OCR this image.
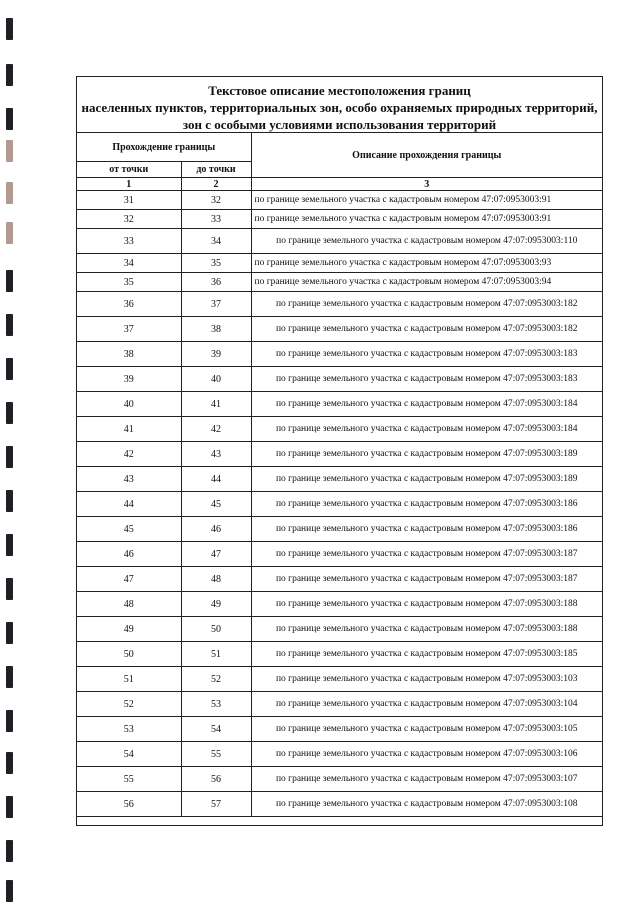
Текстовое описание местоположения границ
населенных пунктов, территориальных зон, особо охраняемых природных территорий, зон с особыми условиями использования территорий
Прохождение границы		Описание прохождения границы
от точки	до точки	
1	2	3
31	32	по границе земельного участка с кадастровым номером 47:07:0953003:91
32	33	по границе земельного участка с кадастровым номером 47:07:0953003:91
33	34	по границе земельного участка с кадастровым номером 47:07:0953003:110
34	35	по границе земельного участка с кадастровым номером 47:07:0953003:93
35	36	по границе земельного участка с кадастровым номером 47:07:0953003:94
36	37	по границе земельного участка с кадастровым номером 47:07:0953003:182
37	38	по границе земельного участка с кадастровым номером 47:07:0953003:182
38	39	по границе земельного участка с кадастровым номером 47:07:0953003:183
39	40	по границе земельного участка с кадастровым номером 47:07:0953003:183
40	41	по границе земельного участка с кадастровым номером 47:07:0953003:184
41	42	по границе земельного участка с кадастровым номером 47:07:0953003:184
42	43	по границе земельного участка с кадастровым номером 47:07:0953003:189
43	44	по границе земельного участка с кадастровым номером 47:07:0953003:189
44	45	по границе земельного участка с кадастровым номером 47:07:0953003:186
45	46	по границе земельного участка с кадастровым номером 47:07:0953003:186
46	47	по границе земельного участка с кадастровым номером 47:07:0953003:187
47	48	по границе земельного участка с кадастровым номером 47:07:0953003:187
48	49	по границе земельного участка с кадастровым номером 47:07:0953003:188
49	50	по границе земельного участка с кадастровым номером 47:07:0953003:188
50	51	по границе земельного участка с кадастровым номером 47:07:0953003:185
51	52	по границе земельного участка с кадастровым номером 47:07:0953003:103
52	53	по границе земельного участка с кадастровым номером 47:07:0953003:104
53	54	по границе земельного участка с кадастровым номером 47:07:0953003:105
54	55	по границе земельного участка с кадастровым номером 47:07:0953003:106
55	56	по границе земельного участка с кадастровым номером 47:07:0953003:107
56	57	по границе земельного участка с кадастровым номером 47:07:0953003:108
